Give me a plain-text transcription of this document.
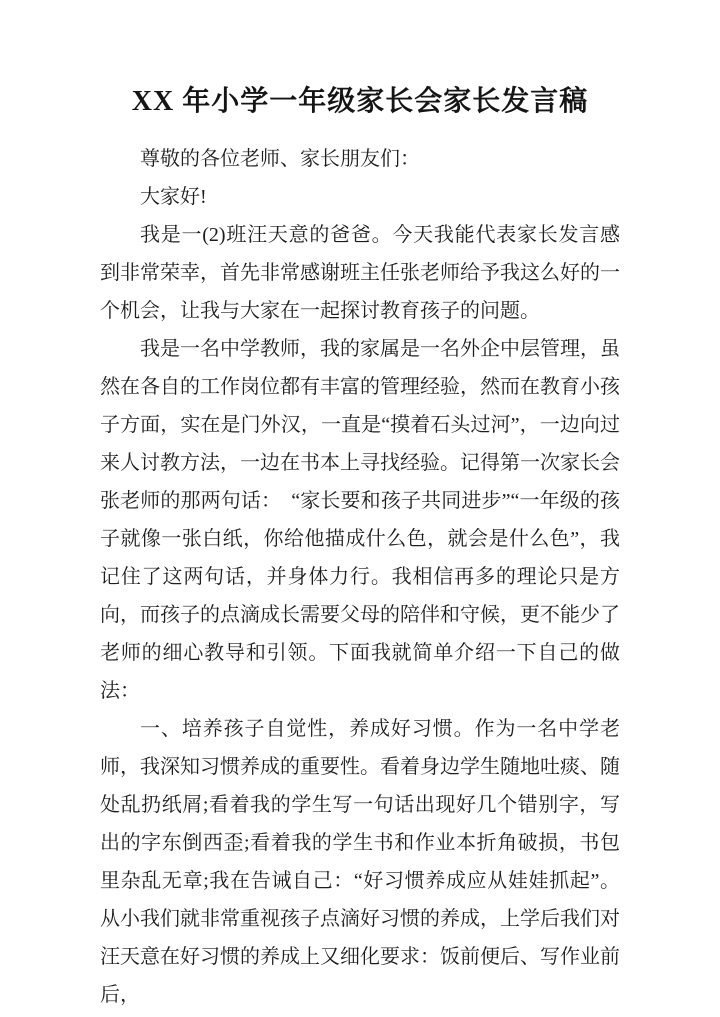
XX 年小学一年级家长会家长发言稿

尊敬的各位老师、家长朋友们：

大家好!

我是一(2)班汪天意的爸爸。今天我能代表家长发言感到非常荣幸，首先非常感谢班主任张老师给予我这么好的一个机会，让我与大家在一起探讨教育孩子的问题。

我是一名中学教师，我的家属是一名外企中层管理，虽然在各自的工作岗位都有丰富的管理经验，然而在教育小孩子方面，实在是门外汉，一直是“摸着石头过河”，一边向过来人讨教方法，一边在书本上寻找经验。记得第一次家长会张老师的那两句话：　“家长要和孩子共同进步”“一年级的孩子就像一张白纸，你给他描成什么色，就会是什么色”，我记住了这两句话，并身体力行。我相信再多的理论只是方向，而孩子的点滴成长需要父母的陪伴和守候，更不能少了老师的细心教导和引领。下面我就简单介绍一下自己的做法：

一、培养孩子自觉性，养成好习惯。作为一名中学老师，我深知习惯养成的重要性。看着身边学生随地吐痰、随处乱扔纸屑;看着我的学生写一句话出现好几个错别字，写出的字东倒西歪;看着我的学生书和作业本折角破损，书包里杂乱无章;我在告诫自己：“好习惯养成应从娃娃抓起”。从小我们就非常重视孩子点滴好习惯的养成，上学后我们对汪天意在好习惯的养成上又细化要求：饭前便后、写作业前后，
